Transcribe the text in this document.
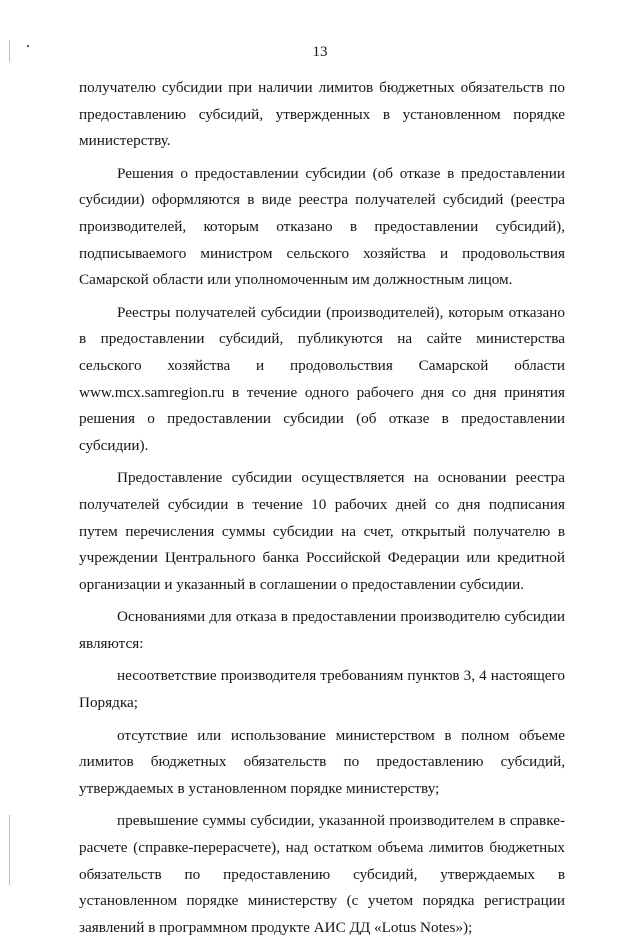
13

получателю субсидии при наличии лимитов бюджетных обязательств по предоставлению субсидий, утвержденных в установленном порядке министерству.

Решения о предоставлении субсидии (об отказе в предоставлении субсидии) оформляются в виде реестра получателей субсидий (реестра производителей, которым отказано в предоставлении субсидий), подписываемого министром сельского хозяйства и продовольствия Самарской области или уполномоченным им должностным лицом.

Реестры получателей субсидии (производителей), которым отказано в предоставлении субсидий, публикуются на сайте министерства сельского хозяйства и продовольствия Самарской области www.mcx.samregion.ru в течение одного рабочего дня со дня принятия решения о предоставлении субсидии (об отказе в предоставлении субсидии).

Предоставление субсидии осуществляется на основании реестра получателей субсидии в течение 10 рабочих дней со дня подписания путем перечисления суммы субсидии на счет, открытый получателю в учреждении Центрального банка Российской Федерации или кредитной организации и указанный в соглашении о предоставлении субсидии.

Основаниями для отказа в предоставлении производителю субсидии являются:

несоответствие производителя требованиям пунктов 3, 4 настоящего Порядка;

отсутствие или использование министерством в полном объеме лимитов бюджетных обязательств по предоставлению субсидий, утверждаемых в установленном порядке министерству;

превышение суммы субсидии, указанной производителем в справке-расчете (справке-перерасчете), над остатком объема лимитов бюджетных обязательств по предоставлению субсидий, утверждаемых в установленном порядке министерству (с учетом порядка регистрации заявлений в программном продукте АИС ДД «Lotus Notes»);
